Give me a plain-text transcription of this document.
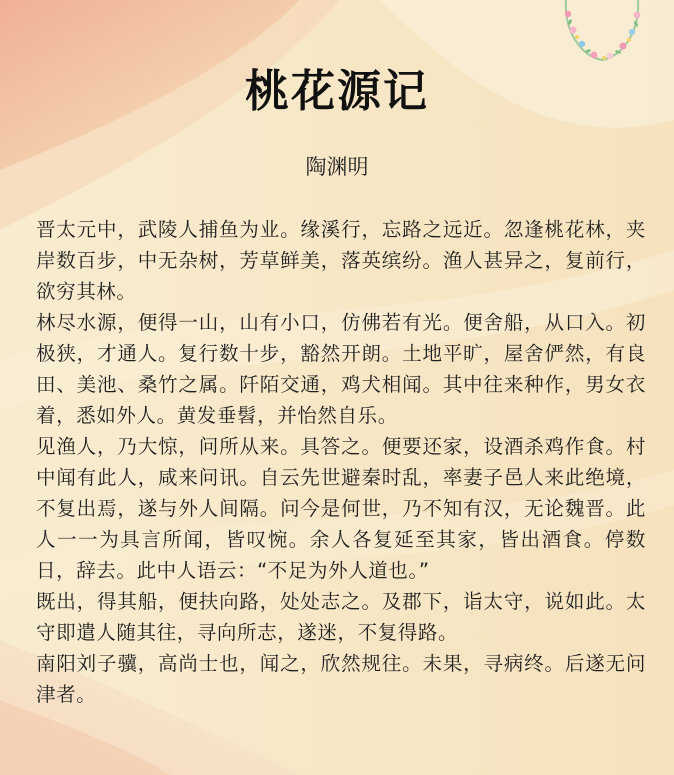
桃花源记
陶渊明

晋太元中，武陵人捕鱼为业。缘溪行，忘路之远近。忽逢桃花林，夹岸数百步，中无杂树，芳草鲜美，落英缤纷。渔人甚异之，复前行，欲穷其林。

林尽水源，便得一山，山有小口，仿佛若有光。便舍船，从口入。初极狭，才通人。复行数十步，豁然开朗。土地平旷，屋舍俨然，有良田、美池、桑竹之属。阡陌交通，鸡犬相闻。其中往来种作，男女衣着，悉如外人。黄发垂髫，并怡然自乐。

见渔人，乃大惊，问所从来。具答之。便要还家，设酒杀鸡作食。村中闻有此人，咸来问讯。自云先世避秦时乱，率妻子邑人来此绝境，不复出焉，遂与外人间隔。问今是何世，乃不知有汉，无论魏晋。此人一一为具言所闻，皆叹惋。余人各复延至其家，皆出酒食。停数日，辞去。此中人语云：“不足为外人道也。”

既出，得其船，便扶向路，处处志之。及郡下，诣太守，说如此。太守即遣人随其往，寻向所志，遂迷，不复得路。

南阳刘子骥，高尚士也，闻之，欣然规往。未果，寻病终。后遂无问津者。
